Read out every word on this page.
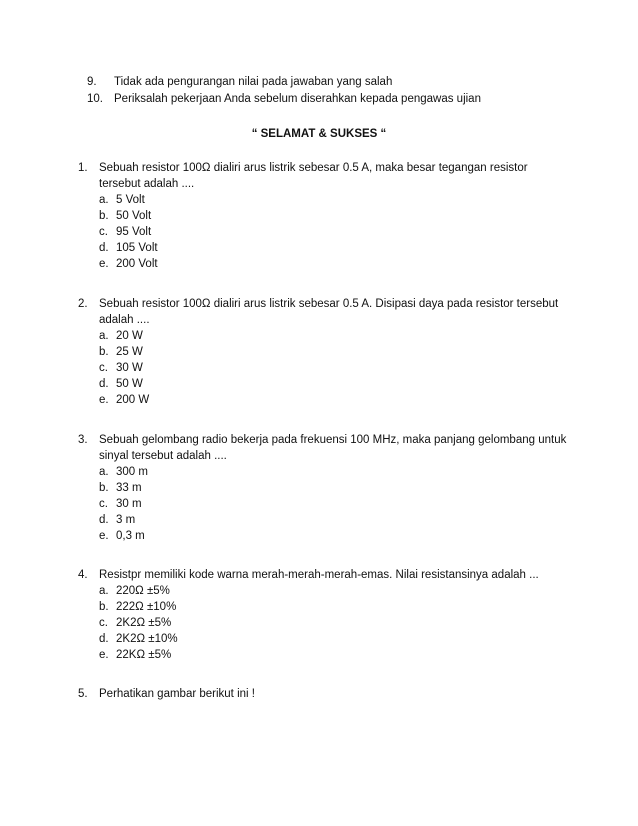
9.	Tidak ada pengurangan nilai pada jawaban yang salah
10. Periksalah pekerjaan Anda sebelum diserahkan kepada pengawas ujian
“ SELAMAT & SUKSES “
1. Sebuah resistor 100Ω dialiri arus listrik sebesar 0.5 A, maka besar tegangan resistor tersebut adalah ....
a. 5 Volt
b. 50 Volt
c. 95 Volt
d. 105 Volt
e. 200 Volt
2. Sebuah resistor 100Ω dialiri arus listrik sebesar 0.5 A. Disipasi daya pada resistor tersebut adalah ....
a. 20 W
b. 25 W
c. 30 W
d. 50 W
e. 200 W
3. Sebuah gelombang radio bekerja pada frekuensi 100 MHz, maka panjang gelombang untuk sinyal tersebut adalah ....
a. 300 m
b. 33 m
c. 30 m
d. 3 m
e. 0,3 m
4. Resistpr memiliki kode warna merah-merah-merah-emas. Nilai resistansinya adalah ...
a. 220Ω ±5%
b. 222Ω ±10%
c. 2K2Ω ±5%
d. 2K2Ω ±10%
e. 22KΩ ±5%
5. Perhatikan gambar berikut ini !
